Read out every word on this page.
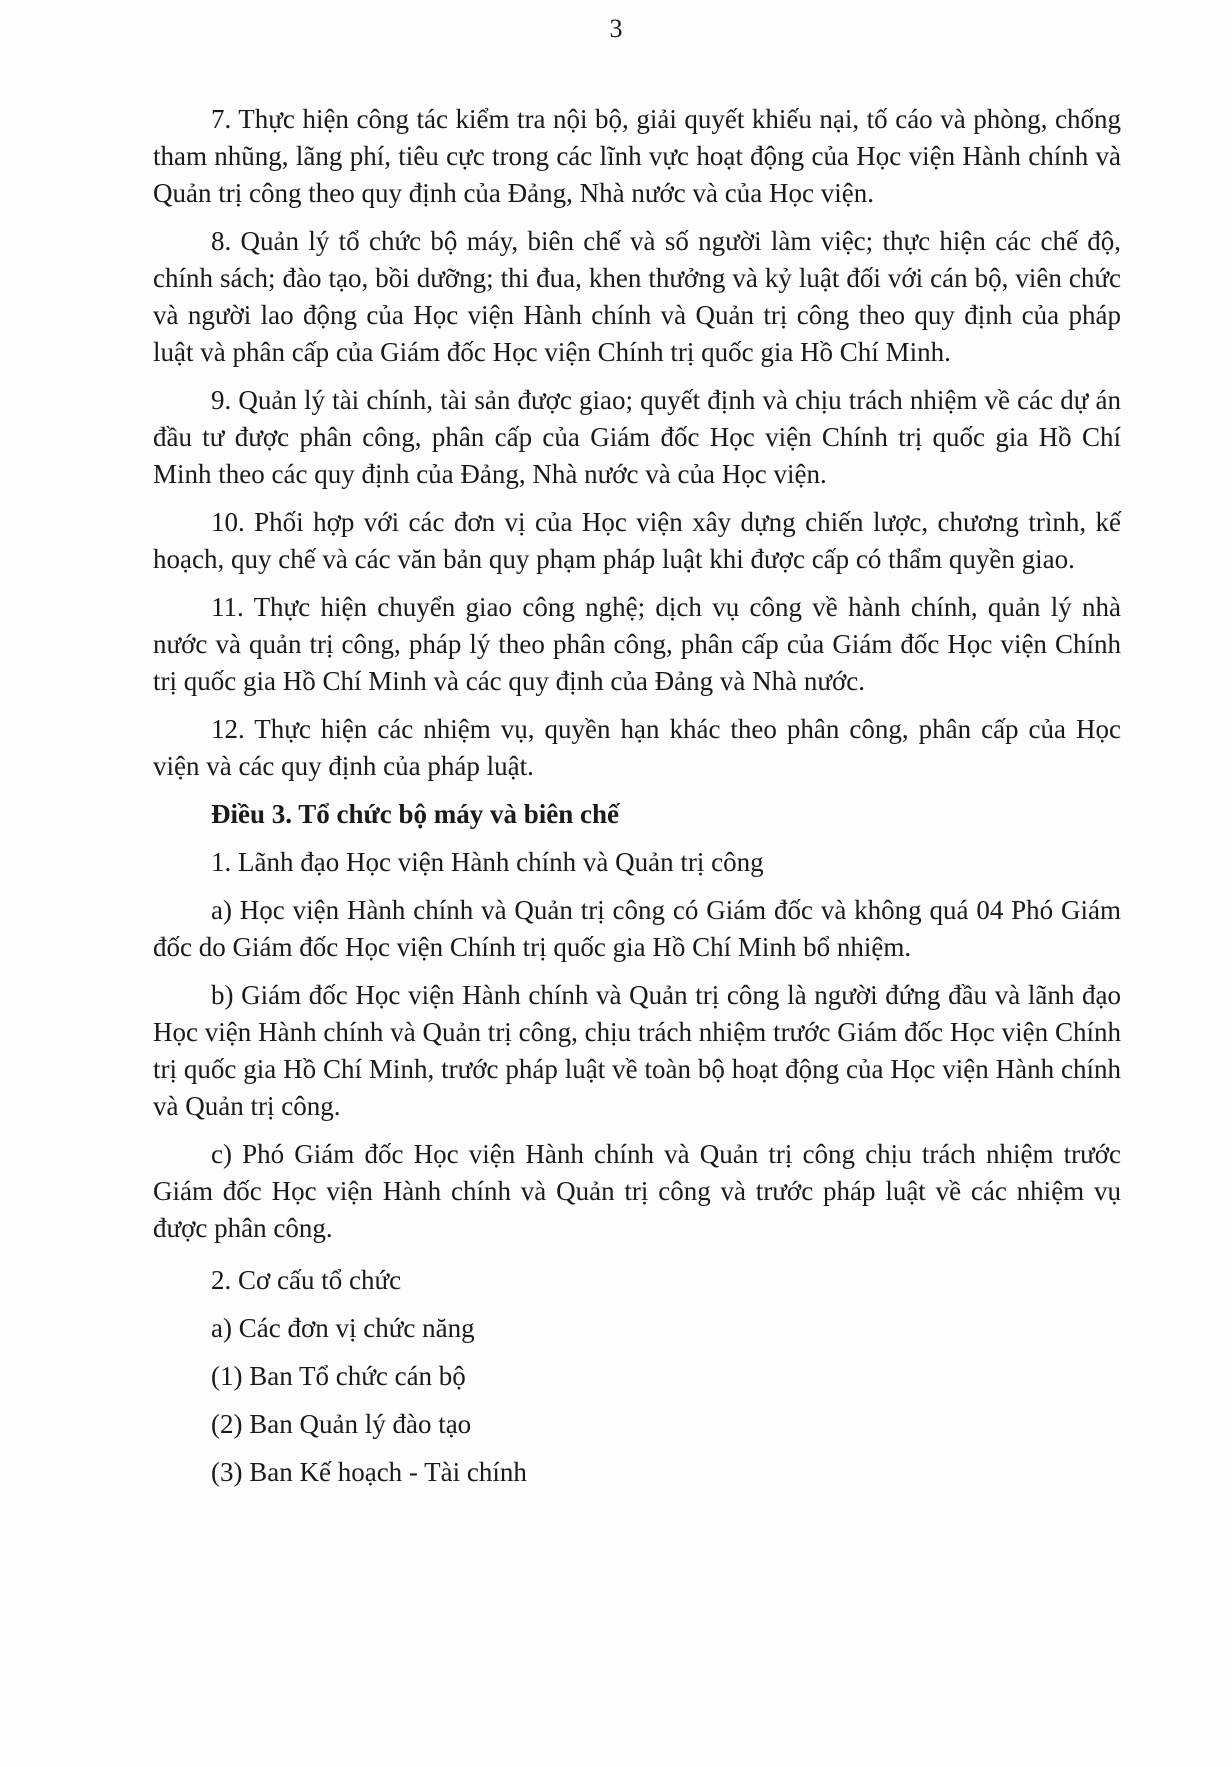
3

7. Thực hiện công tác kiểm tra nội bộ, giải quyết khiếu nại, tố cáo và phòng, chống tham nhũng, lãng phí, tiêu cực trong các lĩnh vực hoạt động của Học viện Hành chính và Quản trị công theo quy định của Đảng, Nhà nước và của Học viện.

8. Quản lý tổ chức bộ máy, biên chế và số người làm việc; thực hiện các chế độ, chính sách; đào tạo, bồi dưỡng; thi đua, khen thưởng và kỷ luật đối với cán bộ, viên chức và người lao động của Học viện Hành chính và Quản trị công theo quy định của pháp luật và phân cấp của Giám đốc Học viện Chính trị quốc gia Hồ Chí Minh.

9. Quản lý tài chính, tài sản được giao; quyết định và chịu trách nhiệm về các dự án đầu tư được phân công, phân cấp của Giám đốc Học viện Chính trị quốc gia Hồ Chí Minh theo các quy định của Đảng, Nhà nước và của Học viện.

10. Phối hợp với các đơn vị của Học viện xây dựng chiến lược, chương trình, kế hoạch, quy chế và các văn bản quy phạm pháp luật khi được cấp có thẩm quyền giao.

11. Thực hiện chuyển giao công nghệ; dịch vụ công về hành chính, quản lý nhà nước và quản trị công, pháp lý theo phân công, phân cấp của Giám đốc Học viện Chính trị quốc gia Hồ Chí Minh và các quy định của Đảng và Nhà nước.

12. Thực hiện các nhiệm vụ, quyền hạn khác theo phân công, phân cấp của Học viện và các quy định của pháp luật.

Điều 3. Tổ chức bộ máy và biên chế

1. Lãnh đạo Học viện Hành chính và Quản trị công

a) Học viện Hành chính và Quản trị công có Giám đốc và không quá 04 Phó Giám đốc do Giám đốc Học viện Chính trị quốc gia Hồ Chí Minh bổ nhiệm.

b) Giám đốc Học viện Hành chính và Quản trị công là người đứng đầu và lãnh đạo Học viện Hành chính và Quản trị công, chịu trách nhiệm trước Giám đốc Học viện Chính trị quốc gia Hồ Chí Minh, trước pháp luật về toàn bộ hoạt động của Học viện Hành chính và Quản trị công.

c) Phó Giám đốc Học viện Hành chính và Quản trị công chịu trách nhiệm trước Giám đốc Học viện Hành chính và Quản trị công và trước pháp luật về các nhiệm vụ được phân công.

2. Cơ cấu tổ chức

a) Các đơn vị chức năng

(1) Ban Tổ chức cán bộ

(2) Ban Quản lý đào tạo

(3) Ban Kế hoạch - Tài chính
